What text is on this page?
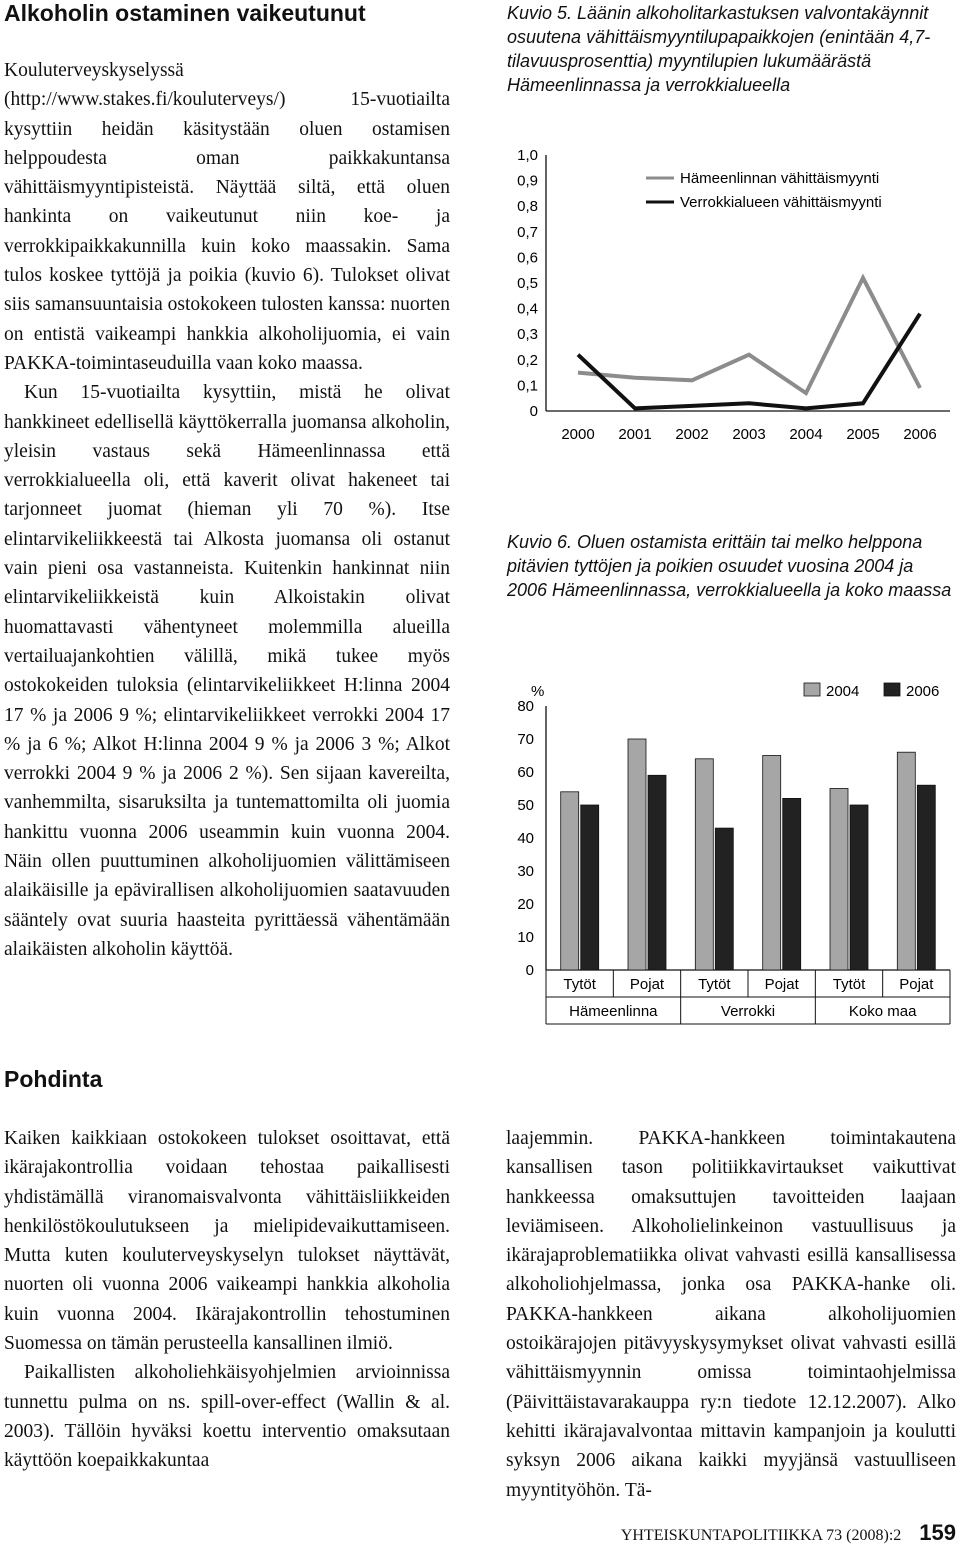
Alkoholin ostaminen vaikeutunut

Kouluterveyskyselyssä (http://www.stakes.fi/kouluterveys/) 15-vuotiailta kysyttiin heidän käsitystään oluen ostamisen helppoudesta oman paikkakuntansa vähittäismyyntipisteistä. Näyttää siltä, että oluen hankinta on vaikeutunut niin koe- ja verrokkipaikkakunnilla kuin koko maassakin. Sama tulos koskee tyttöjä ja poikia (kuvio 6). Tulokset olivat siis samansuuntaisia ostokokeen tulosten kanssa: nuorten on entistä vaikeampi hankkia alkoholijuomia, ei vain PAKKA-toimintaseuduilla vaan koko maassa.

Kun 15-vuotiailta kysyttiin, mistä he olivat hankkineet edellisellä käyttökerralla juomansa alkoholin, yleisin vastaus sekä Hämeenlinnassa että verrokkialueella oli, että kaverit olivat hakeneet tai tarjonneet juomat (hieman yli 70 %). Itse elintarvikeliikkeestä tai Alkosta juomansa oli ostanut vain pieni osa vastanneista. Kuitenkin hankinnat niin elintarvikeliikkeistä kuin Alkoistakin olivat huomattavasti vähentyneet molemmilla alueilla vertailuajankohtien välillä, mikä tukee myös ostokokeiden tuloksia (elintarvikeliikkeet H:linna 2004 17 % ja 2006 9 %; elintarvikeliikkeet verrokki 2004 17 % ja 6 %; Alkot H:linna 2004 9 % ja 2006 3 %; Alkot verrokki 2004 9 % ja 2006 2 %). Sen sijaan kavereilta, vanhemmilta, sisaruksilta ja tuntemattomilta oli juomia hankittu vuonna 2006 useammin kuin vuonna 2004. Näin ollen puuttuminen alkoholijuomien välittämiseen alaikäisille ja epävirallisen alkoholijuomien saatavuuden sääntely ovat suuria haasteita pyrittäessä vähentämään alaikäisten alkoholin käyttöä.

Kuvio 5. Läänin alkoholitarkastuksen valvontakäynnit osuutena vähittäismyyntilupapaikkojen (enintään 4,7-tilavuusprosenttia) myyntilupien lukumäärästä Hämeenlinnassa ja verrokkialueella
1,0
0,9
0,8
0,7
0,6
0,5
0,4
0,3
0,2
0,1
0
2000 2001 2002 2003 2004 2005 2006
Hämeenlinnan vähittäismyynti
Verrokkialueen vähittäismyynti
Kuvio 6. Oluen ostamista erittäin tai melko helppona pitävien tyttöjen ja poikien osuudet vuosina 2004 ja 2006 Hämeenlinnassa, verrokkialueella ja koko maassa
%
80
70
60
50
40
30
20
10
0
Tytöt Pojat Tytöt Pojat Tytöt Pojat
Hämeenlinna	Verrokki	Koko maa
2004	2006
Pohdinta

Kaiken kaikkiaan ostokokeen tulokset osoittavat, että ikärajakontrollia voidaan tehostaa paikallisesti yhdistämällä viranomaisvalvonta vähittäisliikkeiden henkilöstökoulutukseen ja mielipidevaikuttamiseen. Mutta kuten kouluterveyskyselyn tulokset näyttävät, nuorten oli vuonna 2006 vaikeampi hankkia alkoholia kuin vuonna 2004. Ikärajakontrollin tehostuminen Suomessa on tämän perusteella kansallinen ilmiö.

Paikallisten alkoholiehkäisyohjelmien arvioinnissa tunnettu pulma on ns. spill-over-effect (Wallin & al. 2003). Tällöin hyväksi koettu interventio omaksutaan käyttöön koepaikkakuntaa

laajemmin. PAKKA-hankkeen toimintakautena kansallisen tason politiikkavirtaukset vaikuttivat hankkeessa omaksuttujen tavoitteiden laajaan leviämiseen. Alkoholielinkeinon vastuullisuus ja ikärajaproblematiikka olivat vahvasti esillä kansallisessa alkoholiohjelmassa, jonka osa PAKKA-hanke oli. PAKKA-hankkeen aikana alkoholijuomien ostoikärajojen pitävyyskysymykset olivat vahvasti esillä vähittäismyynnin omissa toimintaohjelmissa (Päivittäistavarakauppa ry:n tiedote 12.12.2007). Alko kehitti ikärajavalvontaa mittavin kampanjoin ja koulutti syksyn 2006 aikana kaikki myyjänsä vastuulliseen myyntityöhön. Tä-

YHTEISKUNTAPOLITIIKKA 73 (2008):2 159
